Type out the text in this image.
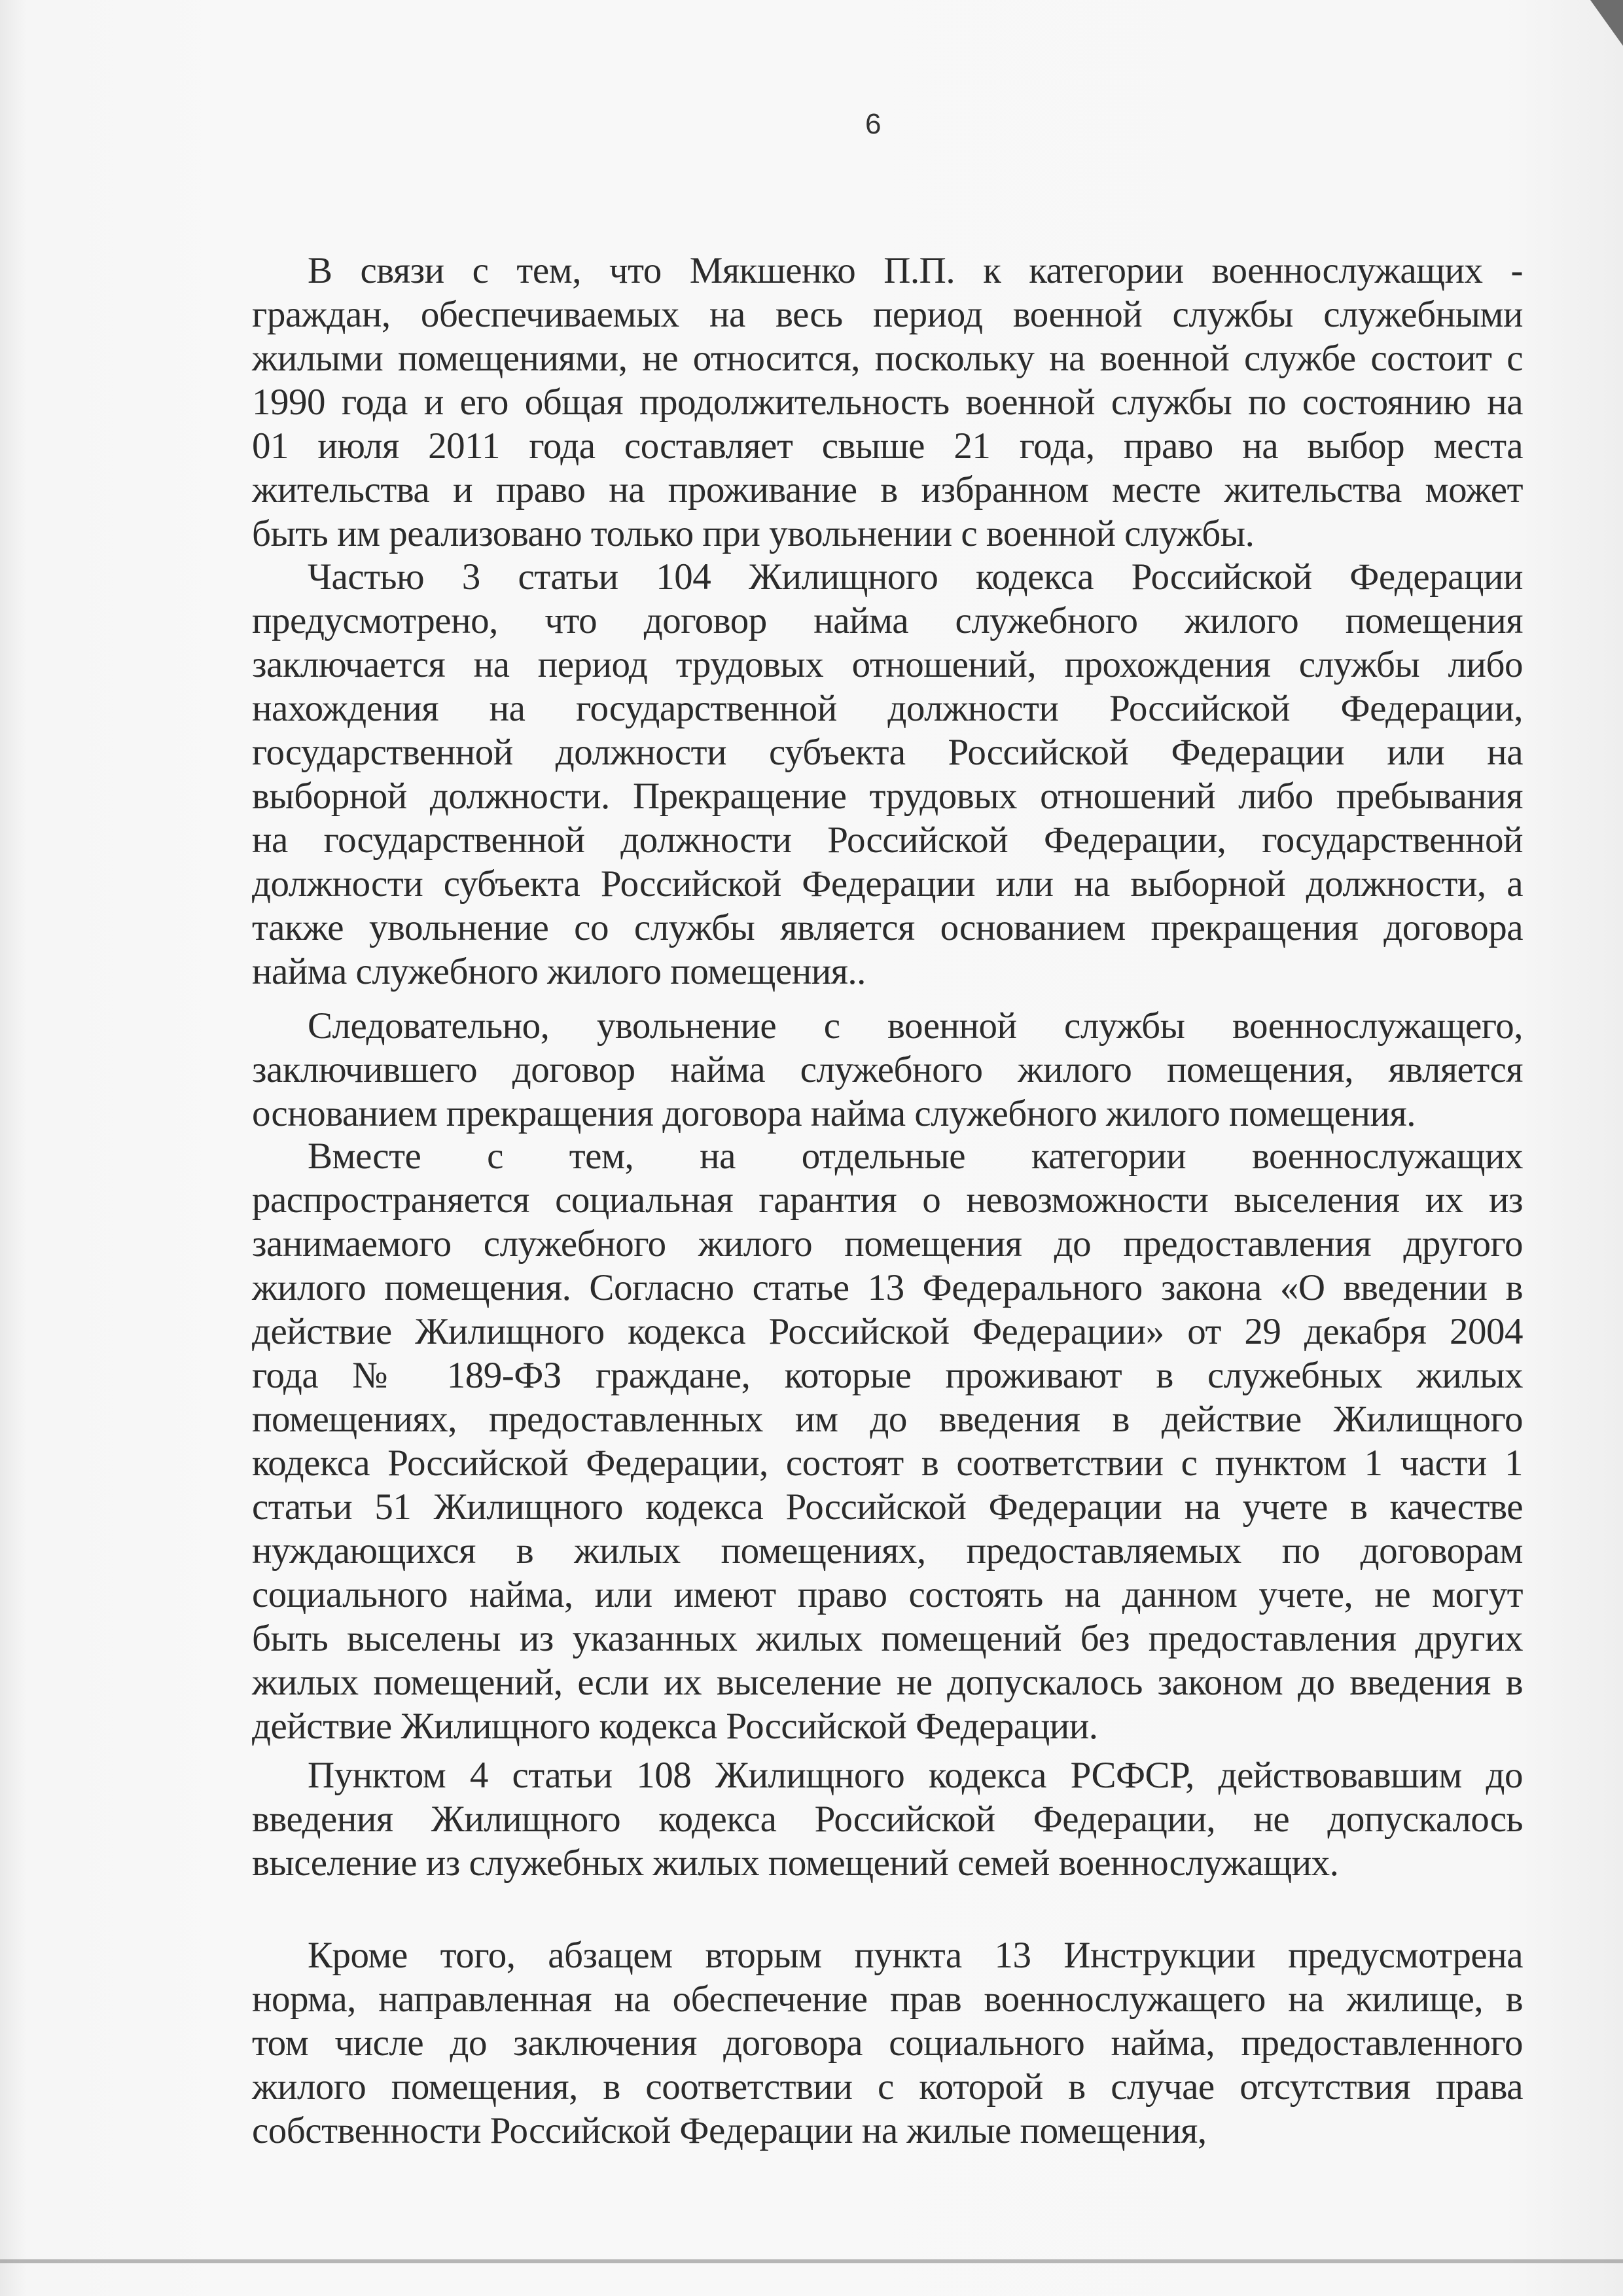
6
В связи с тем, что Мякшенко П.П. к категории военнослужащих -
граждан, обеспечиваемых на весь период военной службы служебными
жилыми помещениями, не относится, поскольку на военной службе состоит с
1990 года и его общая продолжительность военной службы по состоянию на
01 июля 2011 года составляет свыше 21 года, право на выбор места
жительства и право на проживание в избранном месте жительства может
быть им реализовано только при увольнении с военной службы.
Частью 3 статьи 104 Жилищного кодекса Российской Федерации
предусмотрено, что договор найма служебного жилого помещения
заключается на период трудовых отношений, прохождения службы либо
нахождения на государственной должности Российской Федерации,
государственной должности субъекта Российской Федерации или на
выборной должности. Прекращение трудовых отношений либо пребывания
на государственной должности Российской Федерации, государственной
должности субъекта Российской Федерации или на выборной должности, а
также увольнение со службы является основанием прекращения договора
найма служебного жилого помещения..
Следовательно, увольнение с военной службы военнослужащего,
заключившего договор найма служебного жилого помещения, является
основанием прекращения договора найма служебного жилого помещения.
Вместе с тем, на отдельные категории военнослужащих
распространяется социальная гарантия о невозможности выселения их из
занимаемого служебного жилого помещения до предоставления другого
жилого помещения. Согласно статье 13 Федерального закона «О введении в
действие Жилищного кодекса Российской Федерации» от 29 декабря 2004
года № 189-ФЗ граждане, которые проживают в служебных жилых
помещениях, предоставленных им до введения в действие Жилищного
кодекса Российской Федерации, состоят в соответствии с пунктом 1 части 1
статьи 51 Жилищного кодекса Российской Федерации на учете в качестве
нуждающихся в жилых помещениях, предоставляемых по договорам
социального найма, или имеют право состоять на данном учете, не могут
быть выселены из указанных жилых помещений без предоставления других
жилых помещений, если их выселение не допускалось законом до введения в
действие Жилищного кодекса Российской Федерации.
Пунктом 4 статьи 108 Жилищного кодекса РСФСР, действовавшим до
введения Жилищного кодекса Российской Федерации, не допускалось
выселение из служебных жилых помещений семей военнослужащих.
Кроме того, абзацем вторым пункта 13 Инструкции предусмотрена
норма, направленная на обеспечение прав военнослужащего на жилище, в
том числе до заключения договора социального найма, предоставленного
жилого помещения, в соответствии с которой в случае отсутствия права
собственности Российской Федерации на жилые помещения,
